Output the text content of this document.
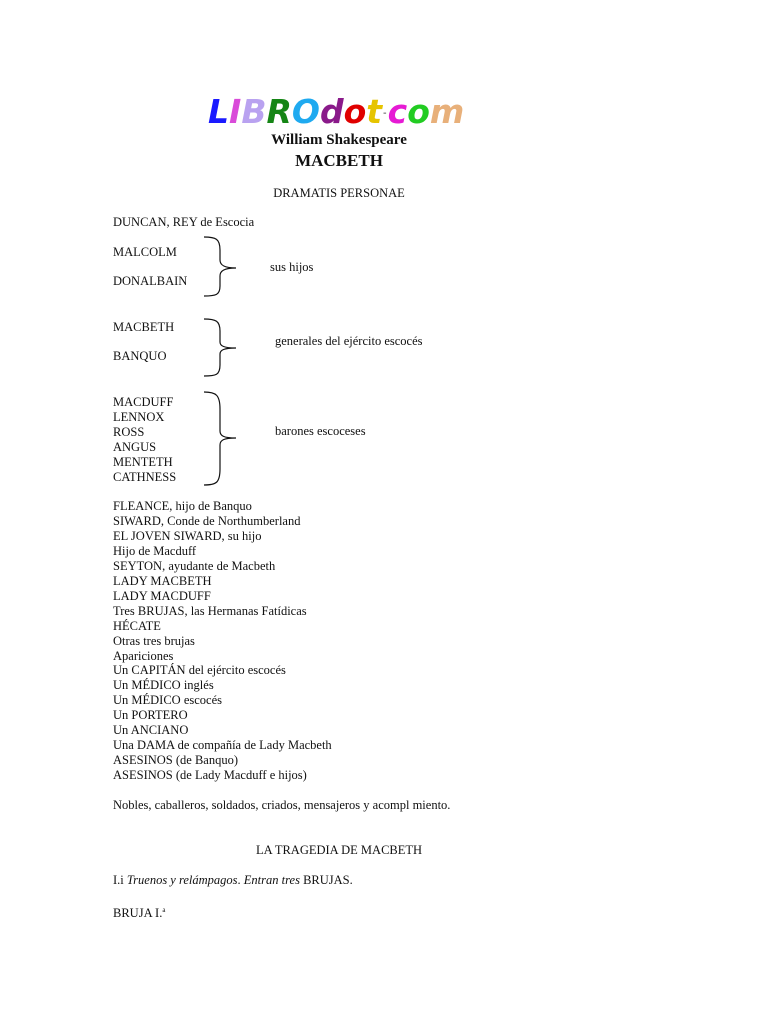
LIBROdot-com
William Shakespeare
MACBETH
DRAMATIS PERSONAE
DUNCAN, REY de Escocia
MALCOLM
DONALBAIN
sus hijos
MACBETH
BANQUO
generales del ejército escocés
MACDUFF
LENNOX
ROSS
ANGUS
MENTETH
CATHNESS
barones escoceses
FLEANCE, hijo de Banquo
SIWARD, Conde de Northumberland
EL JOVEN SIWARD, su hijo
Hijo de Macduff
SEYTON, ayudante de Macbeth
LADY MACBETH
LADY MACDUFF
Tres BRUJAS, las Hermanas Fatídicas
HÉCATE
Otras tres brujas
Apariciones
Un CAPITÁN del ejército escocés
Un MÉDICO inglés
Un MÉDICO escocés
Un PORTERO
Un ANCIANO
Una DAMA de compañía de Lady Macbeth
ASESINOS (de Banquo)
ASESINOS (de Lady Macduff e hijos)
Nobles, caballeros, soldados, criados, mensajeros y acompl miento.
LA TRAGEDIA DE MACBETH
I.i Truenos y relámpagos. Entran tres BRUJAS.
BRUJA I.$^a$
